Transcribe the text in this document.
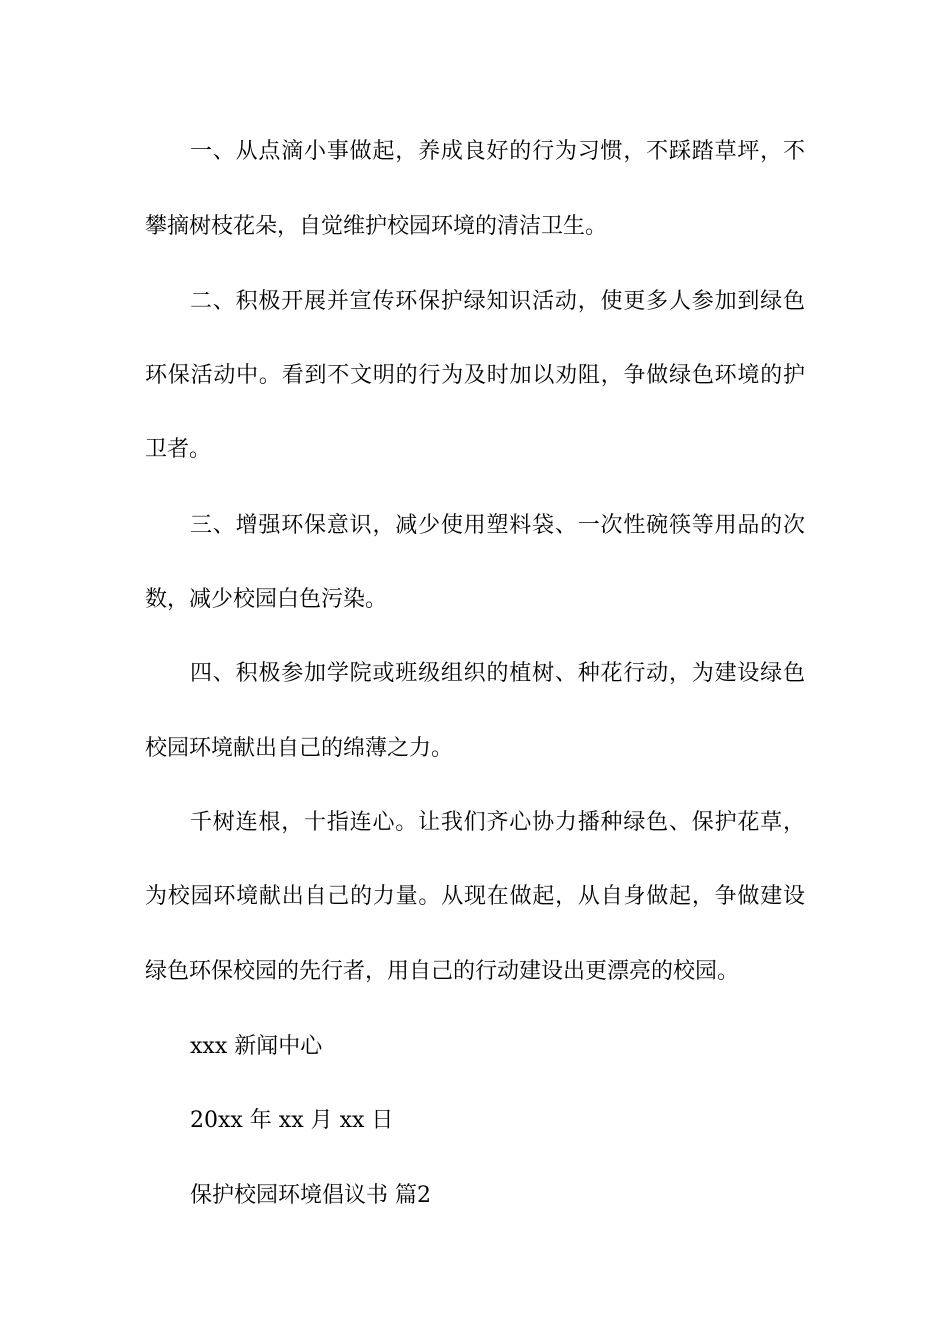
一、从点滴小事做起，养成良好的行为习惯，不踩踏草坪，不
攀摘树枝花朵，自觉维护校园环境的清洁卫生。
二、积极开展并宣传环保护绿知识活动，使更多人参加到绿色
环保活动中。看到不文明的行为及时加以劝阻，争做绿色环境的护
卫者。
三、增强环保意识，减少使用塑料袋、一次性碗筷等用品的次
数，减少校园白色污染。
四、积极参加学院或班级组织的植树、种花行动，为建设绿色
校园环境献出自己的绵薄之力。
千树连根，十指连心。让我们齐心协力播种绿色、保护花草，
为校园环境献出自己的力量。从现在做起，从自身做起，争做建设
绿色环保校园的先行者，用自己的行动建设出更漂亮的校园。
xxx 新闻中心
20xx 年 xx 月 xx 日
保护校园环境倡议书 篇2
